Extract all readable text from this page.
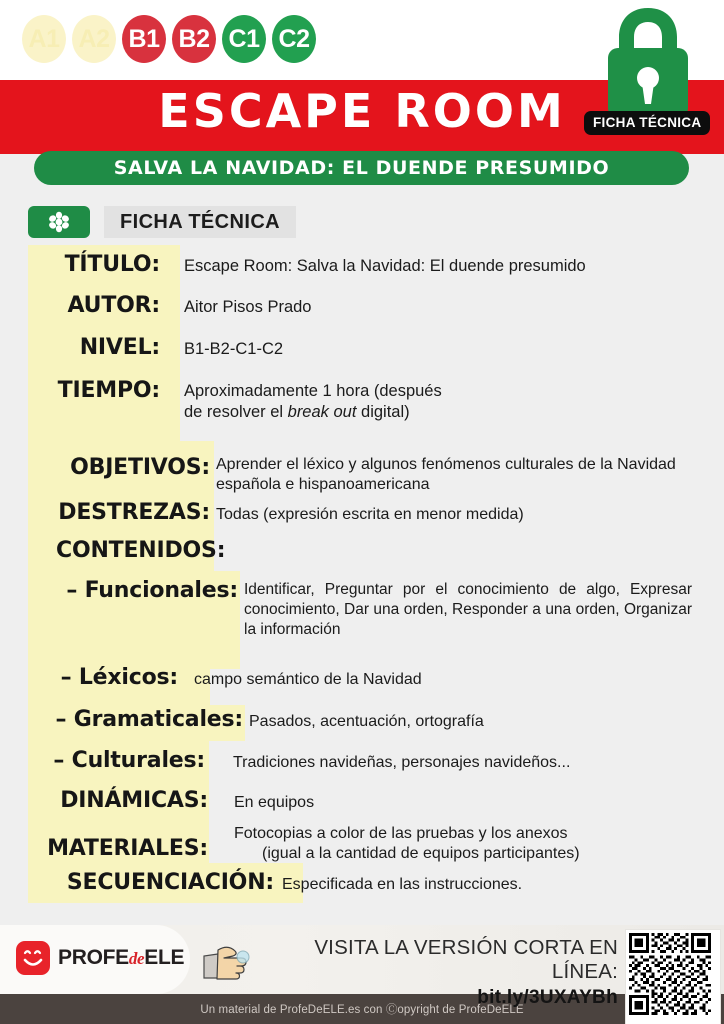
A1 A2 B1 B2 C1 C2
ESCAPE ROOM
SALVA LA NAVIDAD: EL DUENDE PRESUMIDO
FICHA TÉCNICA
FICHA TÉCNICA
TÍTULO: Escape Room: Salva la Navidad: El duende presumido
AUTOR: Aitor Pisos Prado
NIVEL: B1-B2-C1-C2
TIEMPO: Aproximadamente 1 hora (después
de resolver el break out digital)
OBJETIVOS: Aprender el léxico y algunos fenómenos culturales de la Navidad española e hispanoamericana
DESTREZAS: Todas (expresión escrita en menor medida)
CONTENIDOS:
– Funcionales: Identificar, Preguntar por el conocimiento de algo, Expresar conocimiento, Dar una orden, Responder a una orden, Organizar la información
– Léxicos: campo semántico de la Navidad
– Gramaticales: Pasados, acentuación, ortografía
– Culturales: Tradiciones navideñas, personajes navideños...
DINÁMICAS: En equipos
MATERIALES:
Fotocopias a color de las pruebas y los anexos
(igual a la cantidad de equipos participantes)
SECUENCIACIÓN: Especificada en las instrucciones.
PROFEdeELE	VISITA LA VERSIÓN CORTA EN LÍNEA:
bit.ly/3UXAYBh
Un material de ProfeDeELE.es con Ⓒopyright de ProfeDeELE
